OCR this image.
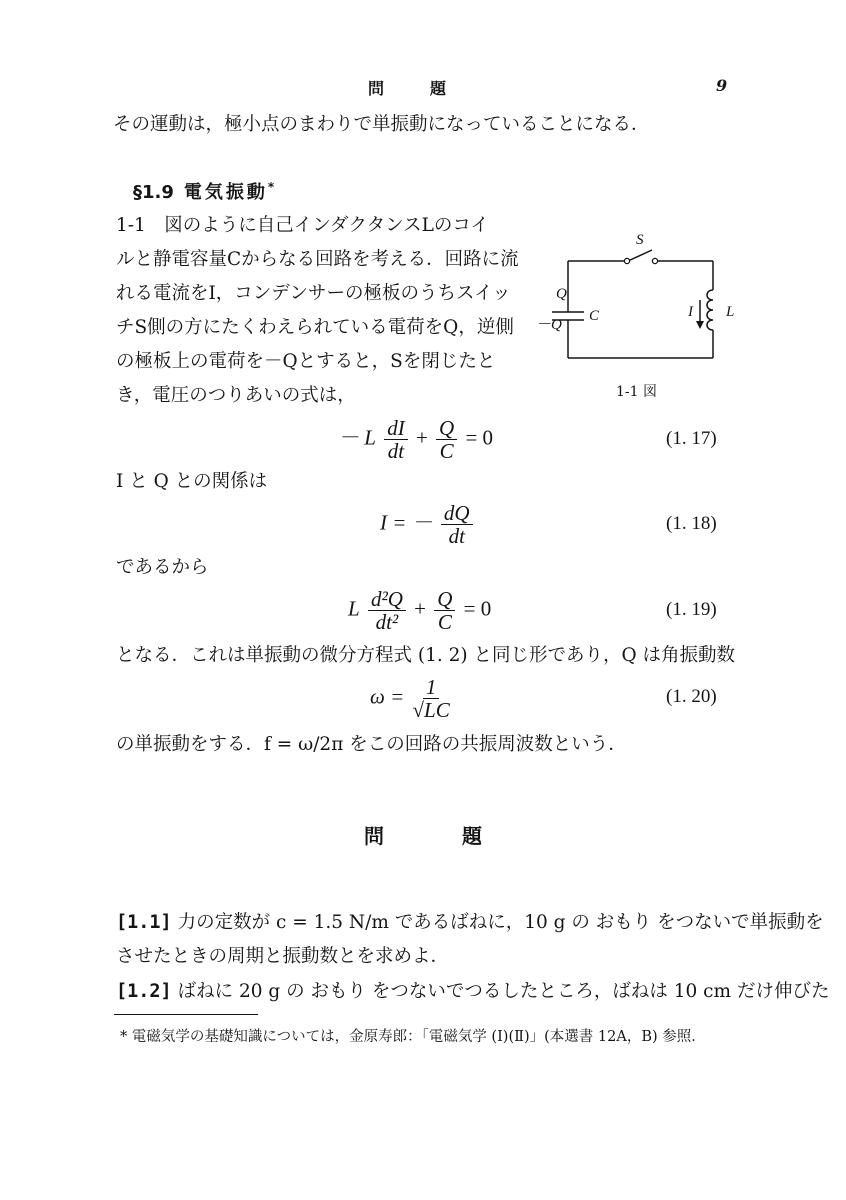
問題	9
その運動は，極小点のまわりで単振動になっていることになる．
§1.9 電気振動*
1-1　図のように自己インダクタンスLのコイ
ルと静電容量Cからなる回路を考える．回路に流
れる電流をI，コンデンサーの極板のうちスイッ
チS側の方にたくわえられている電荷をQ，逆側
の極板上の電荷を－Qとすると，Sを閉じたと
き，電圧のつりあいの式は，
S
Q
－Q
C	I L
1-1 図
－ L $\frac{dI}{dt} + \frac{Q}{C} = 0$	(1. 17)
I と Q との関係は
I = － $\frac{dQ}{dt}$	(1. 18)
であるから
L $\frac{\text{d²Q}}{\text{dt²}} + \frac{Q}{C} = 0$	(1. 19)
となる．これは単振動の微分方程式 (1. 2) と同じ形であり，Q は角振動数
$\omega = \frac{1}{√LC}$	(1. 20)
の単振動をする．f = ω/2π をこの回路の共振周波数という．
問題
[1.1] 力の定数が c = 1.5 N/m であるばねに，10 g の おもり をつないで単振動を
させたときの周期と振動数とを求めよ．
[1.2] ばねに 20 g の おもり をつないでつるしたところ，ばねは 10 cm だけ伸びた
* 電磁気学の基礎知識については，金原寿郎：「電磁気学 (Ⅰ)(Ⅱ)」(本選書 12A，B) 参照．
